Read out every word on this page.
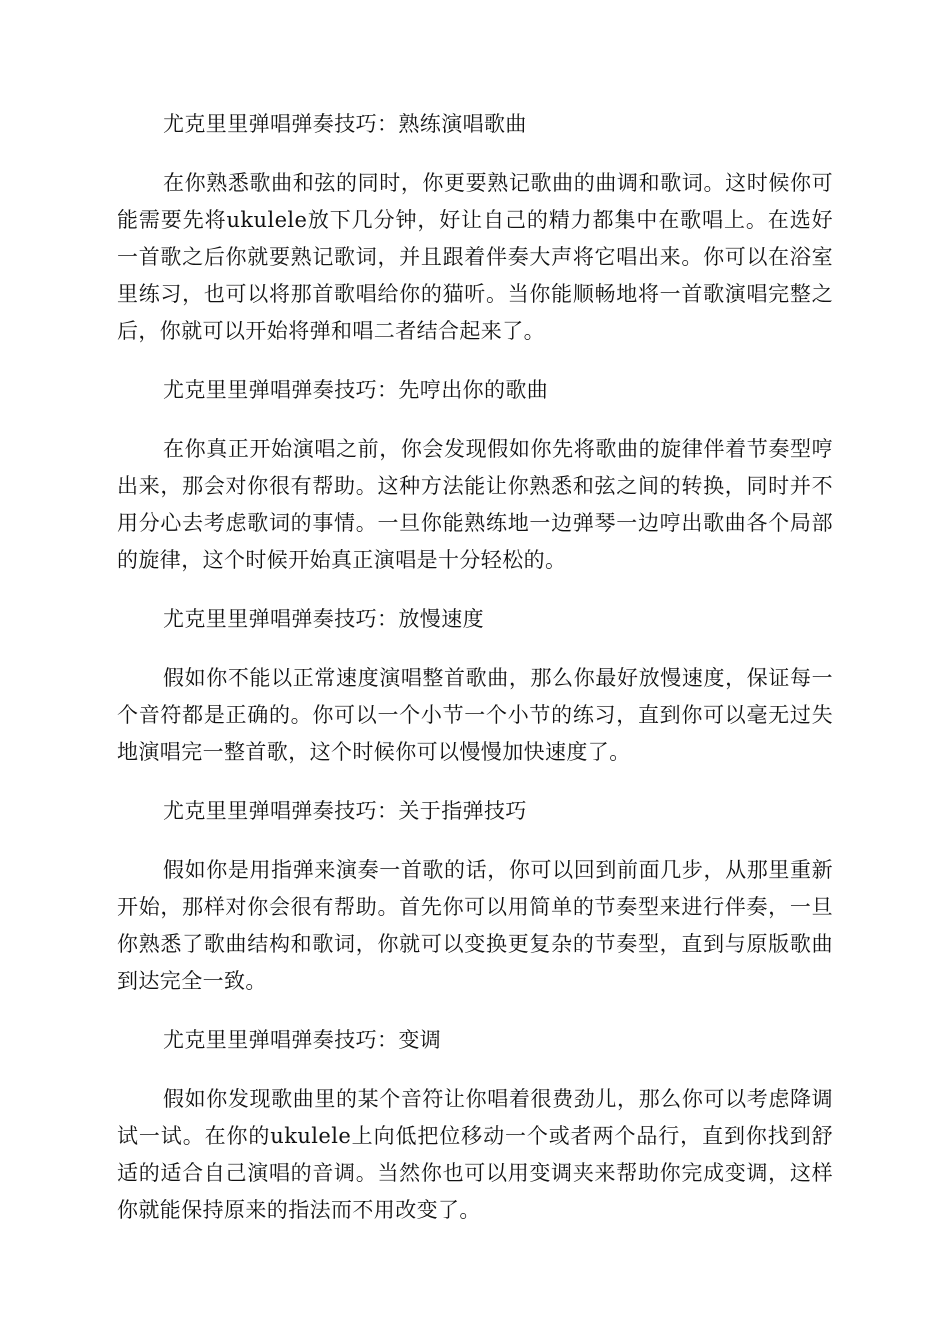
尤克里里弹唱弹奏技巧：熟练演唱歌曲

在你熟悉歌曲和弦的同时，你更要熟记歌曲的曲调和歌词。这时候你可能需要先将ukulele放下几分钟，好让自己的精力都集中在歌唱上。在选好一首歌之后你就要熟记歌词，并且跟着伴奏大声将它唱出来。你可以在浴室里练习，也可以将那首歌唱给你的猫听。当你能顺畅地将一首歌演唱完整之后，你就可以开始将弹和唱二者结合起来了。

尤克里里弹唱弹奏技巧：先哼出你的歌曲

在你真正开始演唱之前，你会发现假如你先将歌曲的旋律伴着节奏型哼出来，那会对你很有帮助。这种方法能让你熟悉和弦之间的转换，同时并不用分心去考虑歌词的事情。一旦你能熟练地一边弹琴一边哼出歌曲各个局部的旋律，这个时候开始真正演唱是十分轻松的。

尤克里里弹唱弹奏技巧：放慢速度

假如你不能以正常速度演唱整首歌曲，那么你最好放慢速度，保证每一个音符都是正确的。你可以一个小节一个小节的练习，直到你可以毫无过失地演唱完一整首歌，这个时候你可以慢慢加快速度了。

尤克里里弹唱弹奏技巧：关于指弹技巧

假如你是用指弹来演奏一首歌的话，你可以回到前面几步，从那里重新开始，那样对你会很有帮助。首先你可以用简单的节奏型来进行伴奏，一旦你熟悉了歌曲结构和歌词，你就可以变换更复杂的节奏型，直到与原版歌曲到达完全一致。

尤克里里弹唱弹奏技巧：变调

假如你发现歌曲里的某个音符让你唱着很费劲儿，那么你可以考虑降调试一试。在你的ukulele上向低把位移动一个或者两个品行，直到你找到舒适的适合自己演唱的音调。当然你也可以用变调夹来帮助你完成变调，这样你就能保持原来的指法而不用改变了。
